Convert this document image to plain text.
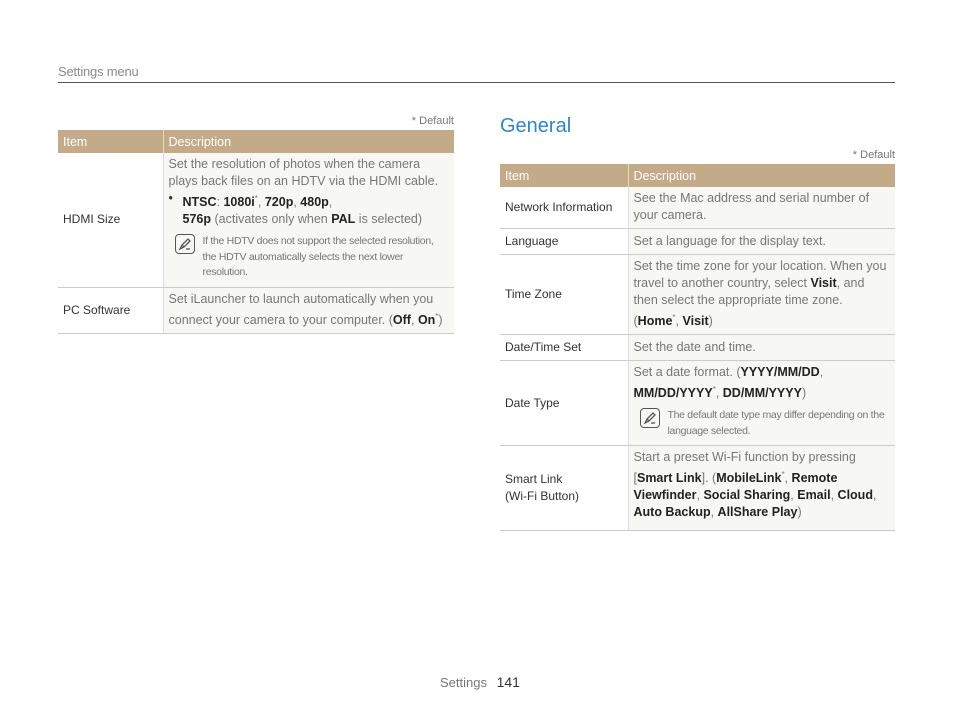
Settings menu
* Default
Item	Description
HDMI Size	Set the resolution of photos when the camera plays back files on an HDTV via the HDMI cable.
• NTSC: 1080i*, 720p, 480p,
576p (activates only when PAL is selected)
If the HDTV does not support the selected resolution, the HDTV automatically selects the next lower resolution.

PC Software	Set iLauncher to launch automatically when you connect your camera to your computer. (Off, On*)
General
* Default
Item	Description
Network Information	See the Mac address and serial number of your camera.
Language	Set a language for the display text.
Time Zone	Set the time zone for your location. When you travel to another country, select Visit, and then select the appropriate time zone. (Home*, Visit)
Date/Time Set	Set the date and time.
Date Type	Set a date format. (YYYY/MM/DD,
MM/DD/YYYY*, DD/MM/YYYY)
The default date type may differ depending on the language selected.

Smart Link
(Wi-Fi Button)	Start a preset Wi-Fi function by pressing [Smart Link]. (MobileLink*, Remote Viewfinder, Social Sharing, Email, Cloud, Auto Backup, AllShare Play)
Settings 141
